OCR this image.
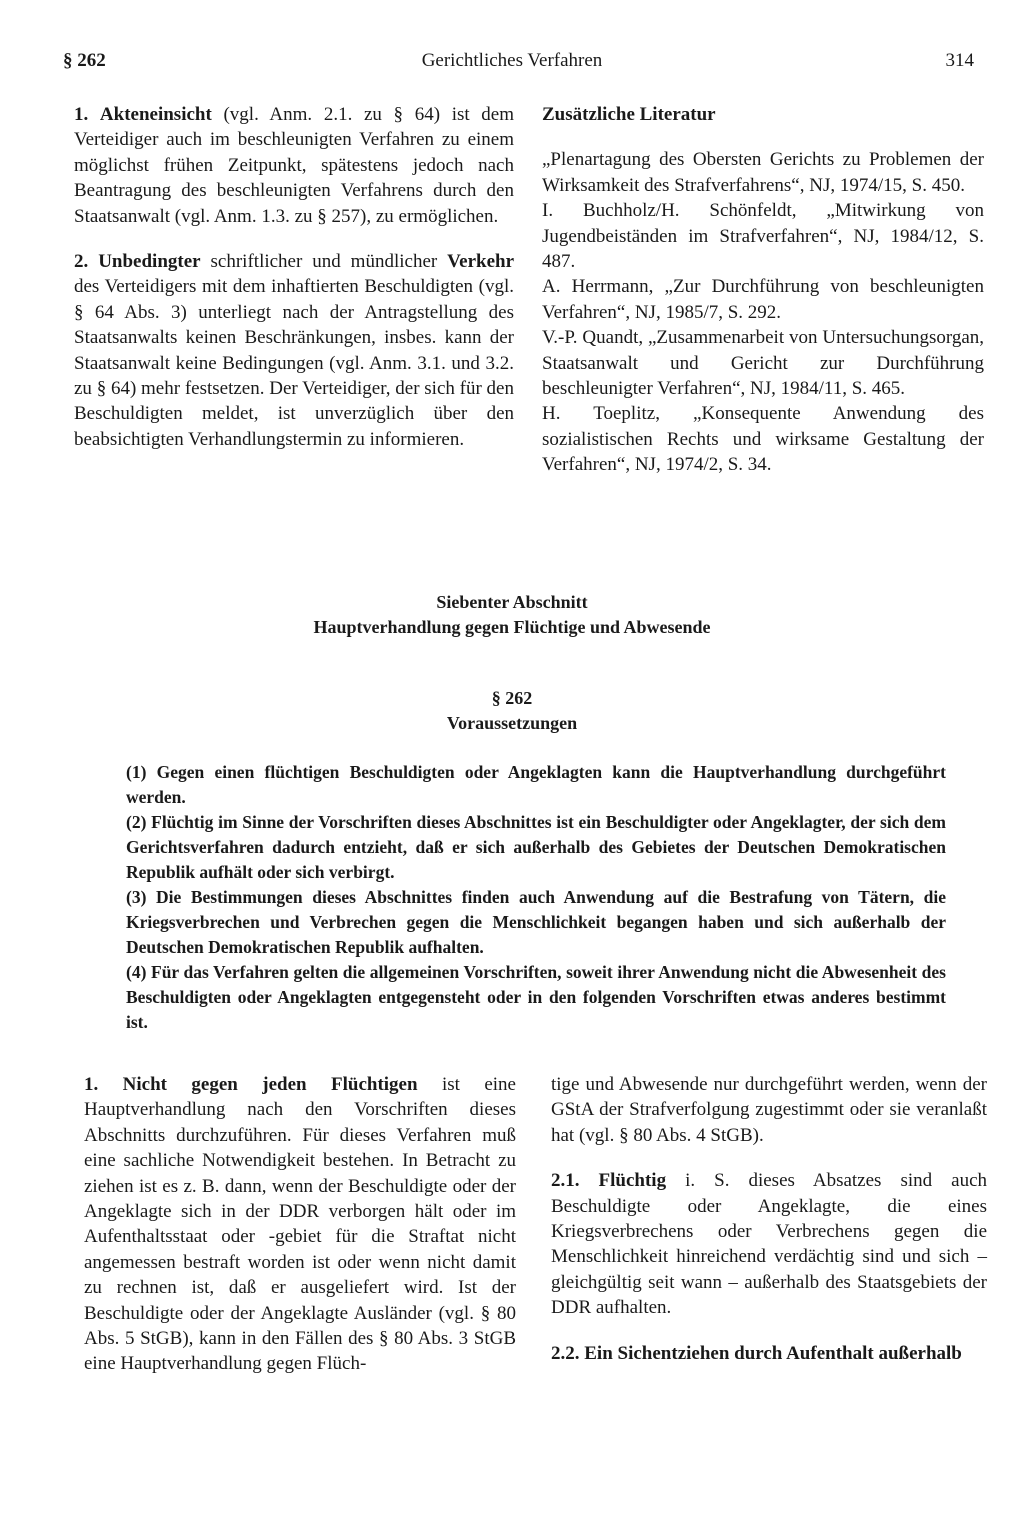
§ 262	Gerichtliches Verfahren	314

1. Akteneinsicht (vgl. Anm. 2.1. zu § 64) ist dem Verteidiger auch im beschleunigten Verfahren zu einem möglichst frühen Zeitpunkt, spätestens jedoch nach Beantragung des beschleunigten Verfahrens durch den Staatsanwalt (vgl. Anm. 1.3. zu § 257), zu ermöglichen.

2. Unbedingter schriftlicher und mündlicher Verkehr des Verteidigers mit dem inhaftierten Beschuldigten (vgl. § 64 Abs. 3) unterliegt nach der Antragstellung des Staatsanwalts keinen Beschränkungen, insbes. kann der Staatsanwalt keine Bedingungen (vgl. Anm. 3.1. und 3.2. zu § 64) mehr festsetzen. Der Verteidiger, der sich für den Beschuldigten meldet, ist unverzüglich über den beabsichtigten Verhandlungstermin zu informieren.

Zusätzliche Literatur

„Plenartagung des Obersten Gerichts zu Problemen der Wirksamkeit des Strafverfahrens“, NJ, 1974/15, S. 450.

I. Buchholz/H. Schönfeldt, „Mitwirkung von Jugendbeiständen im Strafverfahren“, NJ, 1984/12, S. 487.

A. Herrmann, „Zur Durchführung von beschleunigten Verfahren“, NJ, 1985/7, S. 292.

V.-P. Quandt, „Zusammenarbeit von Untersuchungsorgan, Staatsanwalt und Gericht zur Durchführung beschleunigter Verfahren“, NJ, 1984/11, S. 465.

H. Toeplitz, „Konsequente Anwendung des sozialistischen Rechts und wirksame Gestaltung der Verfahren“, NJ, 1974/2, S. 34.

Siebenter Abschnitt
Hauptverhandlung gegen Flüchtige und Abwesende
§ 262
Voraussetzungen

(1) Gegen einen flüchtigen Beschuldigten oder Angeklagten kann die Hauptverhandlung durchgeführt werden.

(2) Flüchtig im Sinne der Vorschriften dieses Abschnittes ist ein Beschuldigter oder Angeklagter, der sich dem Gerichtsverfahren dadurch entzieht, daß er sich außerhalb des Gebietes der Deutschen Demokratischen Republik aufhält oder sich verbirgt.

(3) Die Bestimmungen dieses Abschnittes finden auch Anwendung auf die Bestrafung von Tätern, die Kriegsverbrechen und Verbrechen gegen die Menschlichkeit begangen haben und sich außerhalb der Deutschen Demokratischen Republik aufhalten.

(4) Für das Verfahren gelten die allgemeinen Vorschriften, soweit ihrer Anwendung nicht die Abwesenheit des Beschuldigten oder Angeklagten entgegensteht oder in den folgenden Vorschriften etwas anderes bestimmt ist.

1. Nicht gegen jeden Flüchtigen ist eine Hauptverhandlung nach den Vorschriften dieses Abschnitts durchzuführen. Für dieses Verfahren muß eine sachliche Notwendigkeit bestehen. In Betracht zu ziehen ist es z. B. dann, wenn der Beschuldigte oder der Angeklagte sich in der DDR verborgen hält oder im Aufenthaltsstaat oder -gebiet für die Straftat nicht angemessen bestraft worden ist oder wenn nicht damit zu rechnen ist, daß er ausgeliefert wird. Ist der Beschuldigte oder der Angeklagte Ausländer (vgl. § 80 Abs. 5 StGB), kann in den Fällen des § 80 Abs. 3 StGB eine Hauptverhandlung gegen Flüch-

tige und Abwesende nur durchgeführt werden, wenn der GStA der Strafverfolgung zugestimmt oder sie veranlaßt hat (vgl. § 80 Abs. 4 StGB).

2.1. Flüchtig i. S. dieses Absatzes sind auch Beschuldigte oder Angeklagte, die eines Kriegsverbrechens oder Verbrechens gegen die Menschlichkeit hinreichend verdächtig sind und sich – gleichgültig seit wann – außerhalb des Staatsgebiets der DDR aufhalten.

2.2. Ein Sichentziehen durch Aufenthalt außerhalb
